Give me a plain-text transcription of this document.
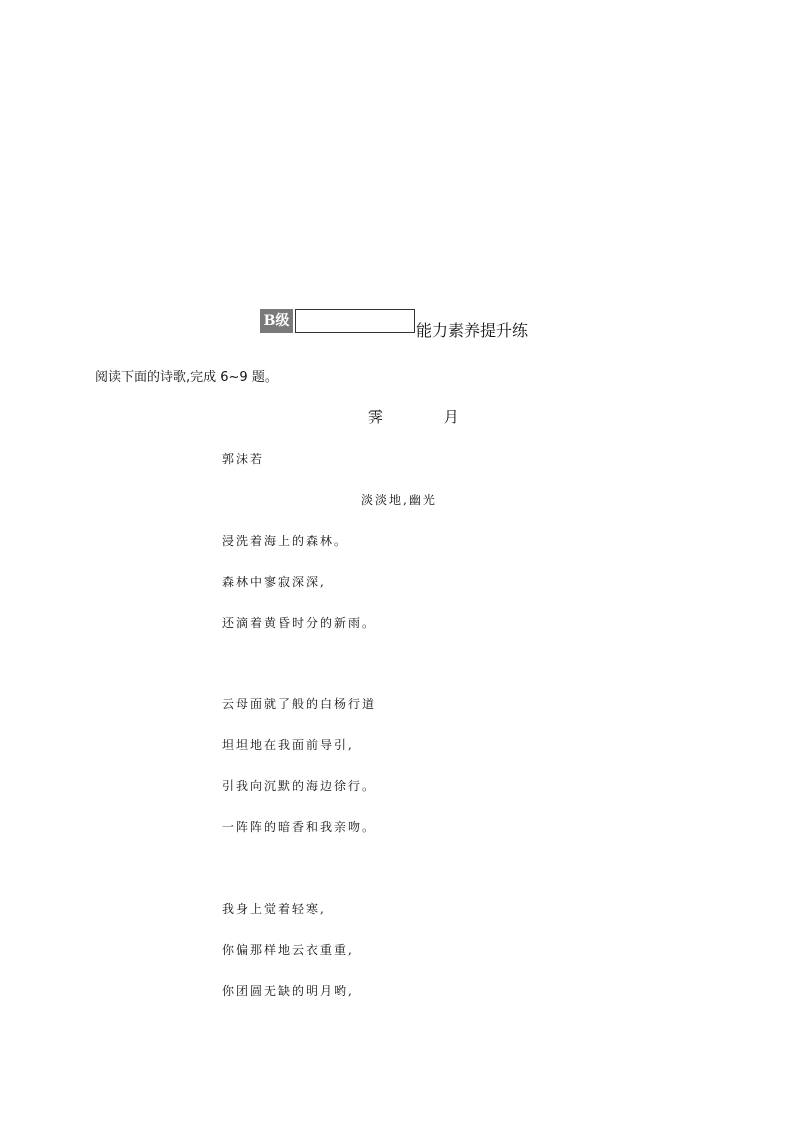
B级	能力素养提升练
阅读下面的诗歌,完成 6~9 题。
霁 月
郭沫若
淡淡地,幽光
浸洗着海上的森林。
森林中寥寂深深,
还滴着黄昏时分的新雨。
云母面就了般的白杨行道
坦坦地在我面前导引,
引我向沉默的海边徐行。
一阵阵的暗香和我亲吻。
我身上觉着轻寒,
你偏那样地云衣重重,
你团圆无缺的明月哟,
